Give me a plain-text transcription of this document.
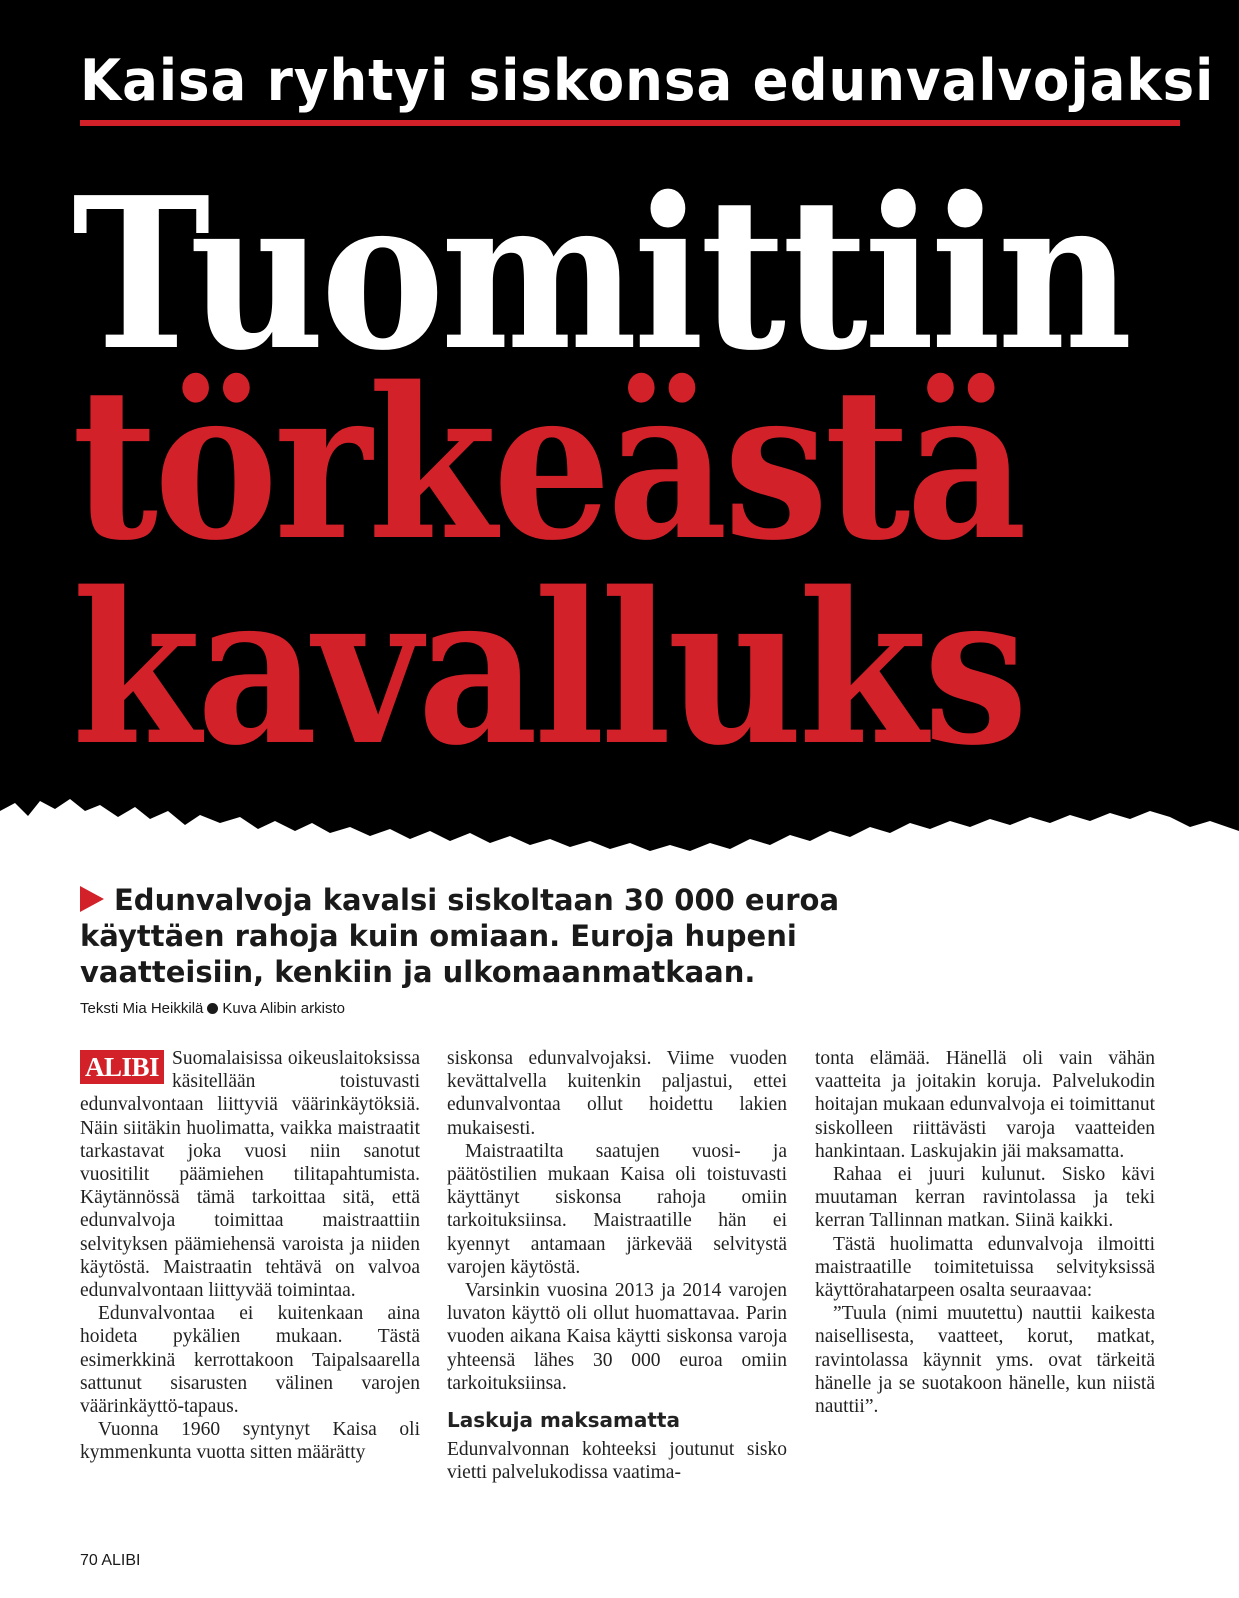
Kaisa ryhtyi siskonsa edunvalvojaksi
Tuomittiin
törkeästä
kavalluks
Edunvalvoja kavalsi siskoltaan 30 000 euroa käyttäen rahoja kuin omiaan. Euroja hupeni vaatteisiin, kenkiin ja ulkomaanmatkaan.
Teksti Mia Heikkilä Kuva Alibin arkisto
ALIBI Suomalaisissa oikeuslaitoksissa käsitellään toistuvasti edunvalvontaan liittyviä väärinkäytöksiä. Näin siitäkin huolimatta, vaikka maistraatit tarkastavat joka vuosi niin sanotut vuositilit päämiehen tilitapahtumista. Käytännössä tämä tarkoittaa sitä, että edunvalvoja toimittaa maistraattiin selvityksen päämiehensä varoista ja niiden käytöstä. Maistraatin tehtävä on valvoa edunvalvontaan liittyvää toimintaa.

Edunvalvontaa ei kuitenkaan aina hoideta pykälien mukaan. Tästä esimerkkinä kerrottakoon Taipalsaarella sattunut sisarusten välinen varojen väärinkäyttö-tapaus.

Vuonna 1960 syntynyt Kaisa oli kymmenkunta vuotta sitten määrätty

siskonsa edunvalvojaksi. Viime vuoden kevättalvella kuitenkin paljastui, ettei edunvalvontaa ollut hoidettu lakien mukaisesti.

Maistraatilta saatujen vuosi- ja päätöstilien mukaan Kaisa oli toistuvasti käyttänyt siskonsa rahoja omiin tarkoituksiinsa. Maistraatille hän ei kyennyt antamaan järkevää selvitystä varojen käytöstä.

Varsinkin vuosina 2013 ja 2014 varojen luvaton käyttö oli ollut huomattavaa. Parin vuoden aikana Kaisa käytti siskonsa varoja yhteensä lähes 30 000 euroa omiin tarkoituksiinsa.

Laskuja maksamatta

Edunvalvonnan kohteeksi joutunut sisko vietti palvelukodissa vaatima-

tonta elämää. Hänellä oli vain vähän vaatteita ja joitakin koruja. Palvelukodin hoitajan mukaan edunvalvoja ei toimittanut siskolleen riittävästi varoja vaatteiden hankintaan. Laskujakin jäi maksamatta.

Rahaa ei juuri kulunut. Sisko kävi muutaman kerran ravintolassa ja teki kerran Tallinnan matkan. Siinä kaikki.

Tästä huolimatta edunvalvoja ilmoitti maistraatille toimitetuissa selvityksissä käyttörahatarpeen osalta seuraavaa:

”Tuula (nimi muutettu) nauttii kaikesta naisellisesta, vaatteet, korut, matkat, ravintolassa käynnit yms. ovat tärkeitä hänelle ja se suotakoon hänelle, kun niistä nauttii”.

70 ALIBI
